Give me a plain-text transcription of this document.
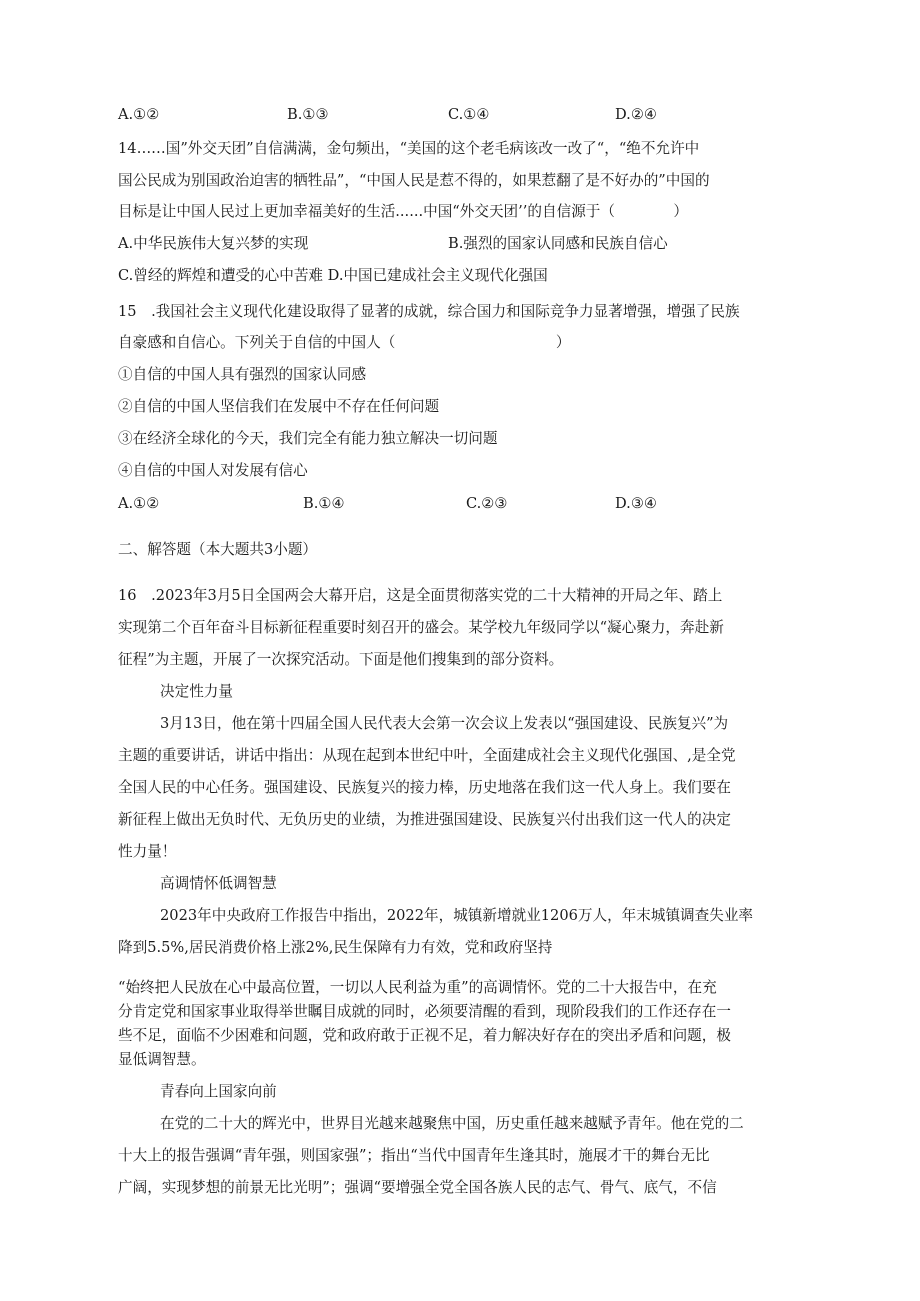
A.①②	B.①③	C.①④	D.②④
14……国”外交天团”自信满满，金句频出，“美国的这个老毛病该改一改了“，“绝不允许中
国公民成为别国政治迫害的牺牲品”，“中国人民是惹不得的，如果惹翻了是不好办的”中国的
目标是让中国人民过上更加幸福美好的生活......中国“外交天团’’的自信源于（　　　　）
A.中华民族伟大复兴梦的实现	B.强烈的国家认同感和民族自信心
C.曾经的辉煌和遭受的心中苦难 D.中国已建成社会主义现代化强国
15　.我国社会主义现代化建设取得了显著的成就，综合国力和国际竞争力显著增强，增强了民族
自豪感和自信心。下列关于自信的中国人（　　　　　　　　　　　）
①自信的中国人具有强烈的国家认同感
②自信的中国人坚信我们在发展中不存在任何问题
③在经济全球化的今天，我们完全有能力独立解决一切问题
④自信的中国人对发展有信心
A.①②	B.①④	C.②③	D.③④
二、解答题（本大题共3小题）
16　.2023年3月5日全国两会大幕开启，这是全面贯彻落实党的二十大精神的开局之年、踏上
实现第二个百年奋斗目标新征程重要时刻召开的盛会。某学校九年级同学以“凝心聚力，奔赴新
征程”为主题，开展了一次探究活动。下面是他们搜集到的部分资料。
决定性力量
3月13日，他在第十四届全国人民代表大会第一次会议上发表以“强国建设、民族复兴”为
主题的重要讲话，讲话中指出：从现在起到本世纪中叶，全面建成社会主义现代化强国、,是全党
全国人民的中心任务。强国建设、民族复兴的接力棒，历史地落在我们这一代人身上。我们要在
新征程上做出无负时代、无负历史的业绩，为推进强国建设、民族复兴付出我们这一代人的决定
性力量！
高调情怀低调智慧
2023年中央政府工作报告中指出，2022年，城镇新增就业1206万人，年末城镇调查失业率
降到5.5%,居民消费价格上涨2%,民生保障有力有效，党和政府坚持
“始终把人民放在心中最高位置，一切以人民利益为重”的高调情怀。党的二十大报告中，在充
分肯定党和国家事业取得举世瞩目成就的同时，必须要清醒的看到，现阶段我们的工作还存在一
些不足，面临不少困难和问题，党和政府敢于正视不足，着力解决好存在的突出矛盾和问题，极
显低调智慧。
青春向上国家向前
在党的二十大的辉光中，世界目光越来越聚焦中国，历史重任越来越赋予青年。他在党的二
十大上的报告强调“青年强，则国家强”；指出“当代中国青年生逢其时，施展才干的舞台无比
广阔，实现梦想的前景无比光明”；强调“要增强全党全国各族人民的志气、骨气、底气，不信
